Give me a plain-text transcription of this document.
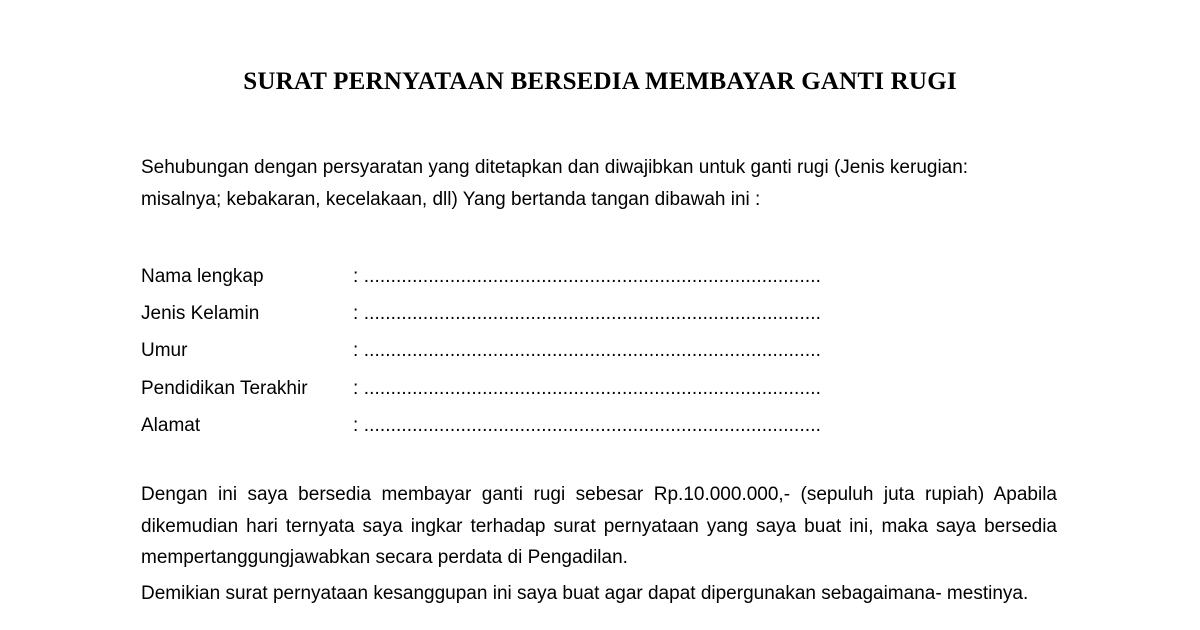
SURAT PERNYATAAN BERSEDIA MEMBAYAR GANTI RUGI
Sehubungan dengan persyaratan yang ditetapkan dan diwajibkan untuk ganti rugi (Jenis kerugian: misalnya; kebakaran, kecelakaan, dll) Yang bertanda tangan dibawah ini :
Nama lengkap	: .....................................................................................
Jenis Kelamin	: .....................................................................................
Umur	: .....................................................................................
Pendidikan Terakhir	: .....................................................................................
Alamat	: .....................................................................................
Dengan ini saya bersedia membayar ganti rugi sebesar Rp.10.000.000,- (sepuluh juta rupiah) Apabila dikemudian hari ternyata saya ingkar terhadap surat pernyataan yang saya buat ini, maka saya bersedia mempertanggungjawabkan secara perdata di Pengadilan.
Demikian surat pernyataan kesanggupan ini saya buat agar dapat dipergunakan sebagaimana- mestinya.
